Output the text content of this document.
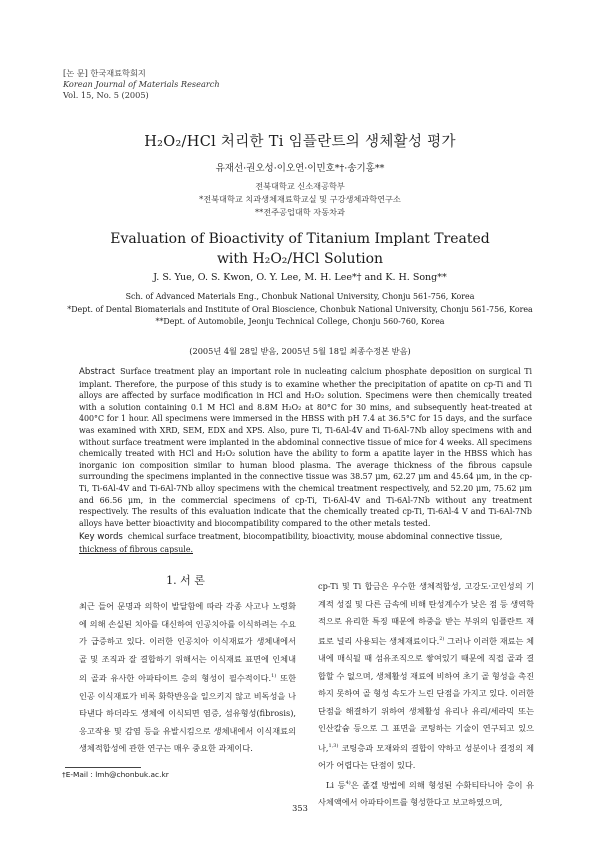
[논 문] 한국재료학회지
Korean Journal of Materials Research
Vol. 15, No. 5 (2005)
H₂O₂/HCl 처리한 Ti 임플란트의 생체활성 평가
유재선·권오성·이오연·이민호*†·송기홍**
전북대학교 신소재공학부
*전북대학교 치과생체재료학교실 및 구강생체과학연구소
**전주공업대학 자동차과
Evaluation of Bioactivity of Titanium Implant Treated
with H₂O₂/HCl Solution
J. S. Yue, O. S. Kwon, O. Y. Lee, M. H. Lee*† and K. H. Song**
Sch. of Advanced Materials Eng., Chonbuk National University, Chonju 561-756, Korea
*Dept. of Dental Biomaterials and Institute of Oral Bioscience, Chonbuk National University, Chonju 561-756, Korea
**Dept. of Automobile, Jeonju Technical College, Chonju 560-760, Korea
(2005년 4월 28일 받음, 2005년 5월 18일 최종수정본 받음)
Abstract Surface treatment play an important role in nucleating calcium phosphate deposition on surgical Ti implant. Therefore, the purpose of this study is to examine whether the precipitation of apatite on cp-Ti and Ti alloys are affected by surface modification in HCl and H₂O₂ solution. Specimens were then chemically treated with a solution containing 0.1 M HCl and 8.8M H₂O₂ at 80°C for 30 mins, and subsequently heat-treated at 400°C for 1 hour. All specimens were immersed in the HBSS with pH 7.4 at 36.5°C for 15 days, and the surface was examined with XRD, SEM, EDX and XPS. Also, pure Ti, Ti-6Al-4V and Ti-6Al-7Nb alloy specimens with and without surface treatment were implanted in the abdominal connective tissue of mice for 4 weeks. All specimens chemically treated with HCl and H₂O₂ solution have the ability to form a apatite layer in the HBSS which has inorganic ion composition similar to human blood plasma. The average thickness of the fibrous capsule surrounding the specimens implanted in the connective tissue was 38.57 μm, 62.27 μm and 45.64 μm, in the cp-Ti, Ti-6Al-4V and Ti-6Al-7Nb alloy specimens with the chemical treatment respectively, and 52.20 μm, 75.62 μm and 66.56 μm, in the commercial specimens of cp-Ti, Ti-6Al-4V and Ti-6Al-7Nb without any treatment respectively. The results of this evaluation indicate that the chemically treated cp-Ti, Ti-6Al-4 V and Ti-6Al-7Nb alloys have better bioactivity and biocompatibility compared to the other metals tested.
Key words chemical surface treatment, biocompatibility, bioactivity, mouse abdominal connective tissue,
thickness of fibrous capsule.
1. 서 론
최근 들어 문명과 의학이 발달함에 따라 각종 사고나 노령화에 의해 손실된 치아를 대신하여 인공치아를 이식하려는 수요가 급증하고 있다. 이러한 인공치아 이식재료가 생체내에서 골 및 조직과 잘 결합하기 위해서는 이식재료 표면에 인체내의 골과 유사한 아파타이트 층의 형성이 필수적이다.$^{1)}$ 또한 인공 이식재료가 비록 화학반응을 일으키지 않고 비독성을 나타낸다 하더라도 생체에 이식되면 염증, 섬유형성(fibrosis), 응고작용 및 감염 등을 유발시킴으로 생체내에서 이식재료의 생체적합성에 관한 연구는 매우 중요한 과제이다.
cp-Ti 및 Ti 합금은 우수한 생체적합성, 고강도·고인성의 기계적 성질 및 다른 금속에 비해 탄성계수가 낮은 점 등 생역학적으로 유리한 특징 때문에 하중을 받는 부위의 임플란트 재료로 널리 사용되는 생체재료이다.$^{2)}$ 그러나 이러한 재료는 체내에 매식될 때 섬유조직으로 쌓여있기 때문에 직접 골과 결합할 수 없으며, 생체활성 재료에 비하여 초기 골 형성을 촉진하지 못하여 골 형성 속도가 느린 단점을 가지고 있다. 이러한 단점을 해결하기 위하여 생체활성 유리나 유리/세라믹 또는 인산칼슘 등으로 그 표면을 코팅하는 기술이 연구되고 있으나,$^{1,3)}$ 코팅층과 모재와의 결합이 약하고 성분이나 결정의 제어가 어렵다는 단점이 있다.
Li 등$^{4)}$은 졸겔 방법에 의해 형성된 수화티타니아 층이 유사체액에서 아파타이트를 형성한다고 보고하였으며,
†E-Mail : lmh@chonbuk.ac.kr
353
